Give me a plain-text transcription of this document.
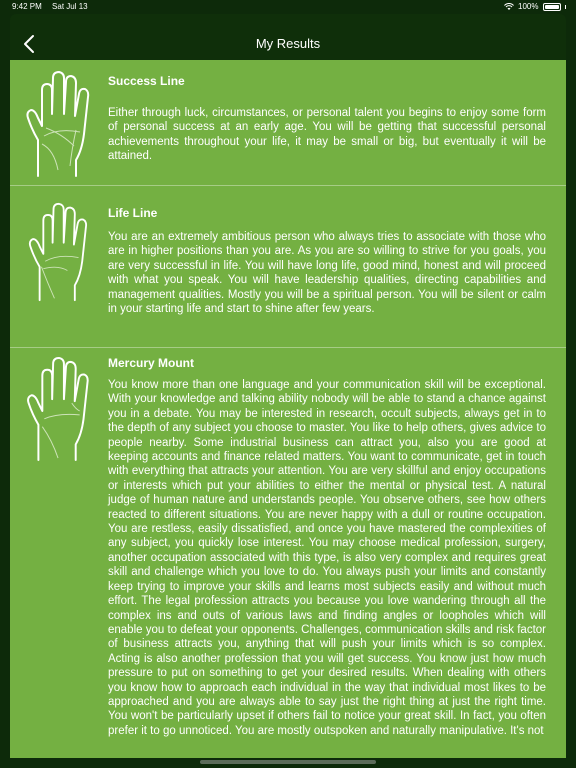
9:42 PM Sat Jul 13	100%
My Results
Success Line
Either through luck, circumstances, or personal talent you begins to enjoy some form of personal success at an early age. You will be getting that successful personal achievements throughout your life, it may be small or big, but eventually it will be attained.
Life Line
You are an extremely ambitious person who always tries to associate with those who are in higher positions than you are. As you are so willing to strive for you goals, you are very successful in life. You will have long life, good mind, honest and will proceed with what you speak. You will have leadership qualities, directing capabilities and management qualities. Mostly you will be a spiritual person. You will be silent or calm in your starting life and start to shine after few years.
Mercury Mount
You know more than one language and your communication skill will be exceptional. With your knowledge and talking ability nobody will be able to stand a chance against you in a debate. You may be interested in research, occult subjects, always get in to the depth of any subject you choose to master. You like to help others, gives advice to people nearby. Some industrial business can attract you, also you are good at keeping accounts and finance related matters. You want to communicate, get in touch with everything that attracts your attention. You are very skillful and enjoy occupations or interests which put your abilities to either the mental or physical test. A natural judge of human nature and understands people. You observe others, see how others reacted to different situations. You are never happy with a dull or routine occupation. You are restless, easily dissatisfied, and once you have mastered the complexities of any subject, you quickly lose interest. You may choose medical profession, surgery, another occupation associated with this type, is also very complex and requires great skill and challenge which you love to do. You always push your limits and constantly keep trying to improve your skills and learns most subjects easily and without much effort. The legal profession attracts you because you love wandering through all the complex ins and outs of various laws and finding angles or loopholes which will enable you to defeat your opponents. Challenges, communication skills and risk factor of business attracts you, anything that will push your limits which is so complex. Acting is also another profession that you will get success. You know just how much pressure to put on something to get your desired results. When dealing with others you know how to approach each individual in the way that individual most likes to be approached and you are always able to say just the right thing at just the right time. You won't be particularly upset if others fail to notice your great skill. In fact, you often prefer it to go unnoticed. You are mostly outspoken and naturally manipulative. It's not
